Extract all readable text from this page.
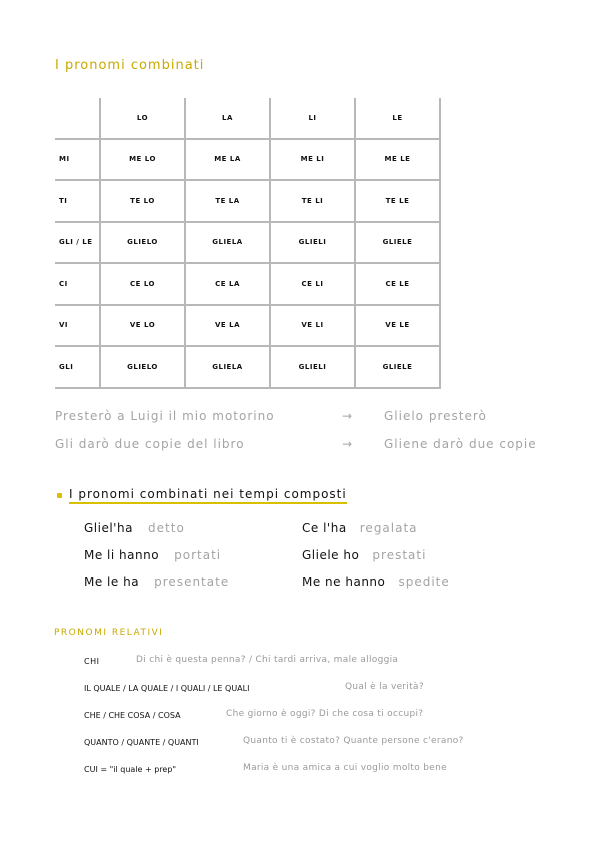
I pronomi combinati
	LO	LA	LI	LE
MI	ME LO	ME LA	ME LI	ME LE
TI	TE LO	TE LA	TE LI	TE LE
GLI / LE	GLIELO	GLIELA	GLIELI	GLIELE
CI	CE LO	CE LA	CE LI	CE LE
VI	VE LO	VE LA	VE LI	VE LE
GLI	GLIELO	GLIELA	GLIELI	GLIELE
Presterò a Luigi il mio motorino	→	Glielo presterò
Gli darò due copie del libro	→	Gliene darò due copie
I pronomi combinati nei tempi composti
Gliel'ha detto	Ce l'ha regalata
Me li hanno portati	Gliele ho prestati
Me le ha presentate	Me ne hanno spedite
PRONOMI RELATIVI
CHI	Di chi è questa penna? / Chi tardi arriva, male alloggia
IL QUALE / LA QUALE / I QUALI / LE QUALI	Qual è la verità?
CHE / CHE COSA / COSA	Che giorno è oggi? Di che cosa ti occupi?
QUANTO / QUANTE / QUANTI	Quanto ti è costato? Quante persone c'erano?
CUI = "il quale + prep"	Maria è una amica a cui voglio molto bene
